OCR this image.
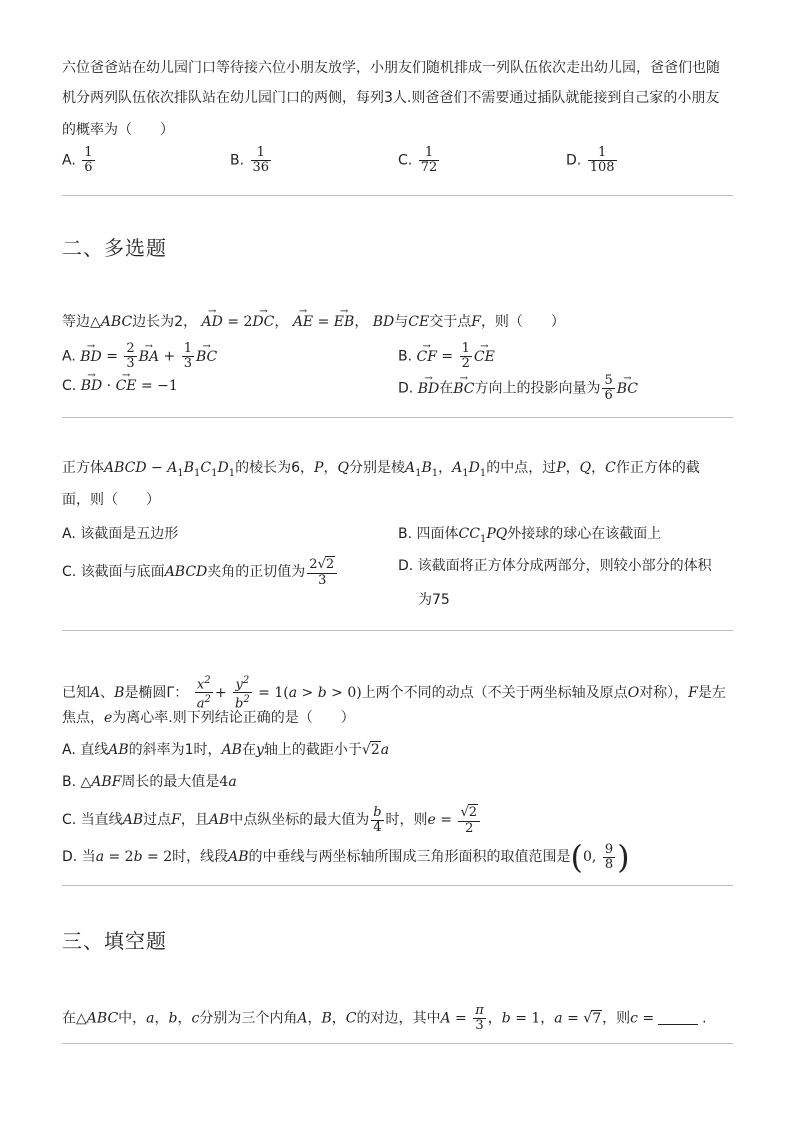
六位爸爸站在幼儿园门口等待接六位小朋友放学，小朋友们随机排成一列队伍依次走出幼儿园，爸爸们也随
机分两列队伍依次排队站在幼儿园门口的两侧，每列3人.则爸爸们不需要通过插队就能接到自己家的小朋友
的概率为（　　）
A. $\frac{1}{6}$	B. $\frac{1}{36}$	C. $\frac{1}{72}$	D. $\frac{1}{108}$
二、多选题
等边△ABC边长为2， → AD = 2→ DC， → AE = → EB， BD与CE交于点F，则（　　）
A. → BD = $\frac{2}{3}$ → BA + $\frac{1}{3}$ → BC	B. → CF = $\frac{1}{2}$ → CE
C. → BD · → CE = −1	D. → BD在→ BC方向上的投影向量为 $\frac{5}{6}$ → BC
正方体ABCD − $A_1B_1C_1D_1$的棱长为6，P，Q分别是棱$A_1B_1$，$A_1D_1$的中点，过P，Q，C作正方体的截
面，则（　　）
A. 该截面是五边形	B. 四面体$CC_1PQ$外接球的球心在该截面上
C. 该截面与底面ABCD夹角的正切值为 $\frac{2√2}{3}$	D. 该截面将正方体分成两部分，则较小部分的体积
为75
已知A、B是椭圆Γ： $\frac{x^2}{a^2} + \frac{y^2}{b^2} = 1(a > b > 0)$上两个不同的动点（不关于两坐标轴及原点O对称），F是左
焦点，e为离心率.则下列结论正确的是（　　）
A. 直线AB的斜率为1时，AB在y轴上的截距小于√2a
B. △ABF周长的最大值是4a
C. 当直线AB过点F，且AB中点纵坐标的最大值为 $\frac{b}{4}$ 时，则$e = \frac{√2}{2}$
D. 当a = 2b = 2时，线段AB的中垂线与两坐标轴所围成三角形面积的取值范围是(0, $\frac{9}{8}$ )
三、填空题
在△ABC中，a，b，c分别为三个内角A，B，C的对边，其中$A = \frac{\pi}{3}$ ，b = 1，a = √7，则c =	.
